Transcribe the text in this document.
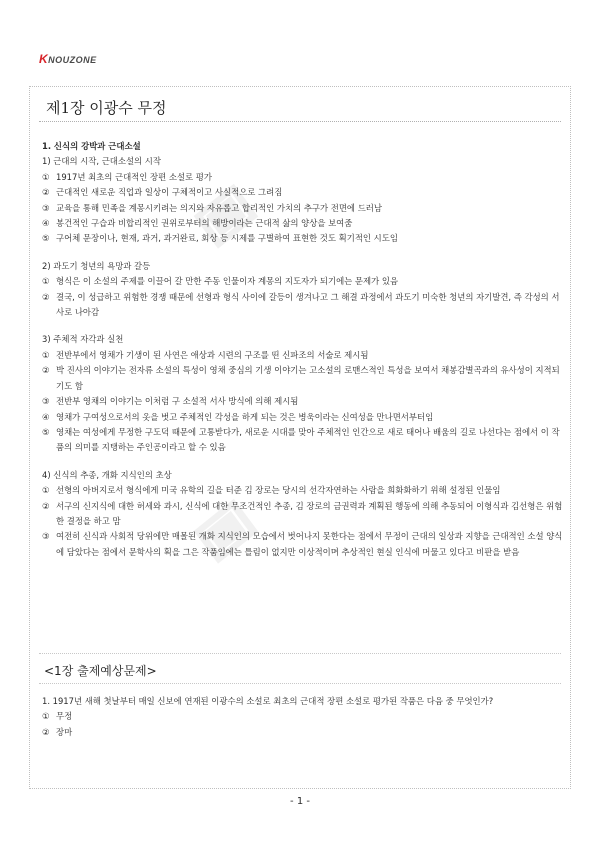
KNOUZONE
◈
◈
제1장 이광수 무정
1. 신식의 강박과 근대소설
1) 근대의 시작, 근대소설의 시작
① 1917년 최초의 근대적인 장편 소설로 평가
② 근대적인 새로운 직업과 일상이 구체적이고 사실적으로 그려짐
③ 교육을 통해 민족을 계몽시키려는 의지와 자유롭고 합리적인 가치의 추구가 전면에 드러남
④ 봉건적인 구습과 비합리적인 권위로부터의 해방이라는 근대적 삶의 양상을 보여줌
⑤ 구어체 문장이나, 현재, 과거, 과거완료, 회상 등 시제를 구별하여 표현한 것도 획기적인 시도임
2) 과도기 청년의 욕망과 갈등
① 형식은 이 소설의 주제를 이끌어 갈 만한 주동 인물이자 계몽의 지도자가 되기에는 문제가 있음
② 결국, 이 성급하고 위험한 경쟁 때문에 선형과 형식 사이에 갈등이 생겨나고 그 해결 과정에서 과도기 미숙한 청년의 자기발견, 즉 각성의 서사로 나아감
3) 주체적 자각과 실천
① 전반부에서 영채가 기생이 된 사연은 애상과 시련의 구조를 띤 신파조의 서술로 제시됨
② 박 진사의 이야기는 전자류 소설의 특성이 영채 중심의 기생 이야기는 고소설의 로맨스적인 특성을 보여서 채봉감별곡과의 유사성이 지적되기도 함
③ 전반부 영채의 이야기는 이처럼 구 소설적 서사 방식에 의해 제시됨
④ 영채가 구여성으로서의 옷을 벗고 주체적인 각성을 하게 되는 것은 병욱이라는 신여성을 만나면서부터임
⑤ 영채는 여성에게 무정한 구도덕 때문에 고통받다가, 새로운 시대를 맞아 주체적인 인간으로 새로 태어나 배움의 길로 나선다는 점에서 이 작품의 의미를 지탱하는 주인공이라고 할 수 있음
4) 신식의 추종, 개화 지식인의 초상
① 선형의 아버지로서 형식에게 미국 유학의 길을 터준 김 장로는 당시의 선각자연하는 사람을 희화화하기 위해 설정된 인물임
② 서구의 신지식에 대한 허세와 과시, 신식에 대한 무조건적인 추종, 김 장로의 금권력과 계획된 행동에 의해 추동되어 이형식과 김선형은 위험한 결정을 하고 맘
③ 여전히 신식과 사회적 당위에만 매몰된 개화 지식인의 모습에서 벗어나지 못한다는 점에서 무정이 근대의 일상과 지향을 근대적인 소설 양식에 담았다는 점에서 문학사의 획을 그은 작품임에는 틀림이 없지만 이상적이며 추상적인 현실 인식에 머물고 있다고 비판을 받음
<1장 출제예상문제>
1. 1917년 새해 첫날부터 매일 신보에 연재된 이광수의 소설로 최초의 근대적 장편 소설로 평가된 작품은 다음 중 무엇인가?
① 무정
② 장마
- 1 -
